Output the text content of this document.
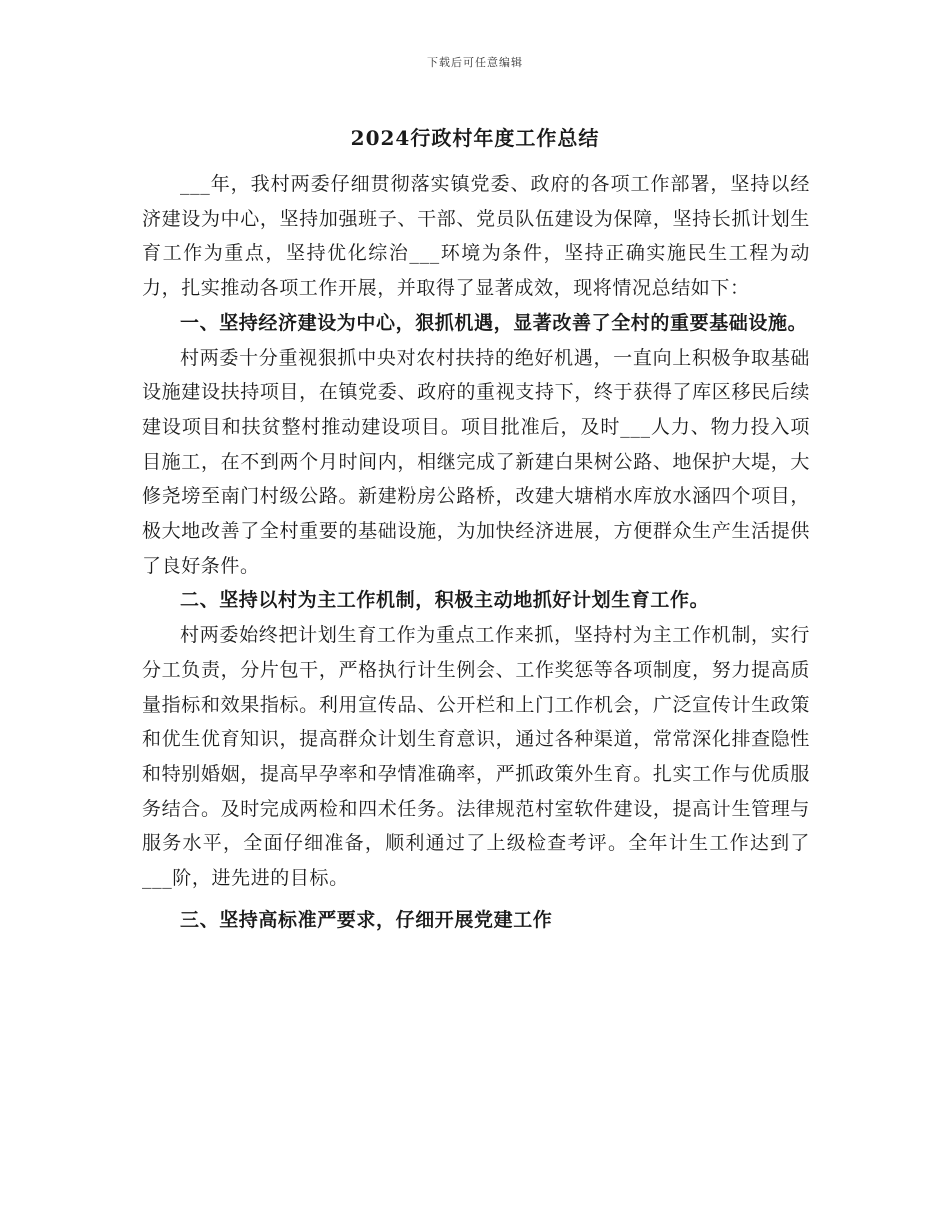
下载后可任意编辑
2024行政村年度工作总结

___年，我村两委仔细贯彻落实镇党委、政府的各项工作部署，坚持以经济建设为中心，坚持加强班子、干部、党员队伍建设为保障，坚持长抓计划生育工作为重点，坚持优化综治___环境为条件，坚持正确实施民生工程为动力，扎实推动各项工作开展，并取得了显著成效，现将情况总结如下：

一、坚持经济建设为中心，狠抓机遇，显著改善了全村的重要基础设施。

村两委十分重视狠抓中央对农村扶持的绝好机遇，一直向上积极争取基础设施建设扶持项目，在镇党委、政府的重视支持下，终于获得了库区移民后续建设项目和扶贫整村推动建设项目。项目批准后，及时___人力、物力投入项目施工，在不到两个月时间内，相继完成了新建白果树公路、地保护大堤，大修尧塝至南门村级公路。新建粉房公路桥，改建大塘梢水库放水涵四个项目，极大地改善了全村重要的基础设施，为加快经济进展，方便群众生产生活提供了良好条件。

二、坚持以村为主工作机制，积极主动地抓好计划生育工作。

村两委始终把计划生育工作为重点工作来抓，坚持村为主工作机制，实行分工负责，分片包干，严格执行计生例会、工作奖惩等各项制度，努力提高质量指标和效果指标。利用宣传品、公开栏和上门工作机会，广泛宣传计生政策和优生优育知识，提高群众计划生育意识，通过各种渠道，常常深化排查隐性和特别婚姻，提高早孕率和孕情准确率，严抓政策外生育。扎实工作与优质服务结合。及时完成两检和四术任务。法律规范村室软件建设，提高计生管理与服务水平，全面仔细准备，顺利通过了上级检查考评。全年计生工作达到了___阶，进先进的目标。

三、坚持高标准严要求，仔细开展党建工作
